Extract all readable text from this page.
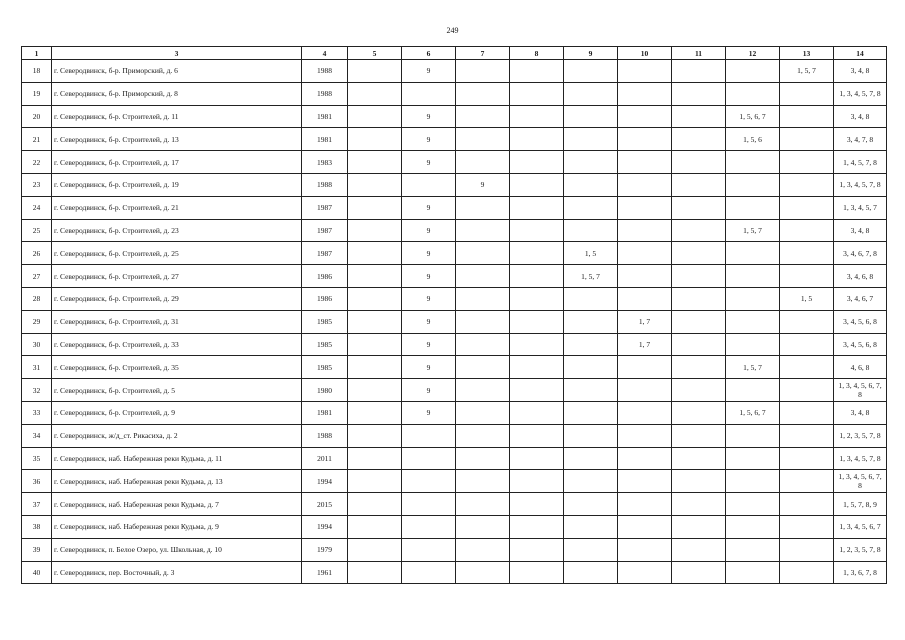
249
1	3	4	5	6	7	8	9	10	11	12	13	14
18	г. Северодвинск, б-р. Приморский, д. 6	1988		9							1, 5, 7	3, 4, 8
19	г. Северодвинск, б-р. Приморский, д. 8	1988										1, 3, 4, 5, 7, 8
20	г. Северодвинск, б-р. Строителей, д. 11	1981		9						1, 5, 6, 7		3, 4, 8
21	г. Северодвинск, б-р. Строителей, д. 13	1981		9						1, 5, 6		3, 4, 7, 8
22	г. Северодвинск, б-р. Строителей, д. 17	1983		9								1, 4, 5, 7, 8
23	г. Северодвинск, б-р. Строителей, д. 19	1988			9							1, 3, 4, 5, 7, 8
24	г. Северодвинск, б-р. Строителей, д. 21	1987		9								1, 3, 4, 5, 7
25	г. Северодвинск, б-р. Строителей, д. 23	1987		9						1, 5, 7		3, 4, 8
26	г. Северодвинск, б-р. Строителей, д. 25	1987		9			1, 5					3, 4, 6, 7, 8
27	г. Северодвинск, б-р. Строителей, д. 27	1986		9			1, 5, 7					3, 4, 6, 8
28	г. Северодвинск, б-р. Строителей, д. 29	1986		9							1, 5	3, 4, 6, 7
29	г. Северодвинск, б-р. Строителей, д. 31	1985		9				1, 7				3, 4, 5, 6, 8
30	г. Северодвинск, б-р. Строителей, д. 33	1985		9				1, 7				3, 4, 5, 6, 8
31	г. Северодвинск, б-р. Строителей, д. 35	1985		9						1, 5, 7		4, 6, 8
32	г. Северодвинск, б-р. Строителей, д. 5	1980		9								1, 3, 4, 5, 6, 7, 8
33	г. Северодвинск, б-р. Строителей, д. 9	1981		9						1, 5, 6, 7		3, 4, 8
34	г. Северодвинск, ж/д_ст. Рикасиха, д. 2	1988										1, 2, 3, 5, 7, 8
35	г. Северодвинск, наб. Набережная реки Кудьма, д. 11	2011										1, 3, 4, 5, 7, 8
36	г. Северодвинск, наб. Набережная реки Кудьма, д. 13	1994										1, 3, 4, 5, 6, 7, 8
37	г. Северодвинск, наб. Набережная реки Кудьма, д. 7	2015										1, 5, 7, 8, 9
38	г. Северодвинск, наб. Набережная реки Кудьма, д. 9	1994										1, 3, 4, 5, 6, 7
39	г. Северодвинск, п. Белое Озеро, ул. Школьная, д. 10	1979										1, 2, 3, 5, 7, 8
40	г. Северодвинск, пер. Восточный, д. 3	1961										1, 3, 6, 7, 8
